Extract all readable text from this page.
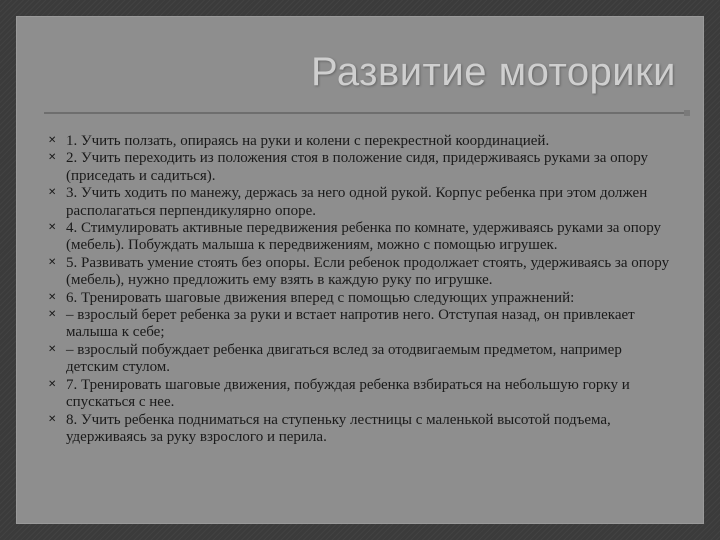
Развитие моторики
✕ 1. Учить ползать, опираясь на руки и колени с перекрестной координацией.
✕ 2. Учить переходить из положения стоя в положение сидя, придерживаясь руками за опору (приседать и садиться).
✕ 3. Учить ходить по манежу, держась за него одной рукой. Корпус ребенка при этом должен располагаться перпендикулярно опоре.
✕ 4. Стимулировать активные передвижения ребенка по комнате, удерживаясь руками за опору (мебель). Побуждать малыша к передвижениям, можно с помощью игрушек.
✕ 5. Развивать умение стоять без опоры. Если ребенок продолжает стоять, удерживаясь за опору (мебель), нужно предложить ему взять в каждую руку по игрушке.
✕ 6. Тренировать шаговые движения вперед с помощью следующих упражнений:
✕ – взрослый берет ребенка за руки и встает напротив него. Отступая назад, он привлекает малыша к себе;
✕ – взрослый побуждает ребенка двигаться вслед за отодвигаемым предметом, например детским стулом.
✕ 7. Тренировать шаговые движения, побуждая ребенка взбираться на небольшую горку и спускаться с нее.
✕ 8. Учить ребенка подниматься на ступеньку лестницы с маленькой высотой подъема, удерживаясь за руку взрослого и перила.
